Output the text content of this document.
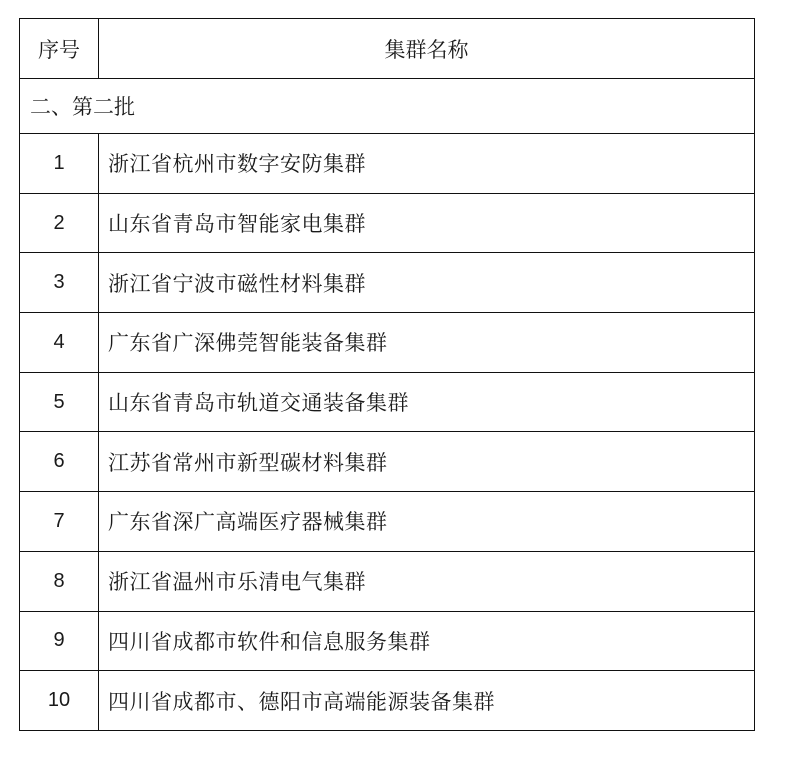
序号	集群名称
二、第二批	
1	浙江省杭州市数字安防集群
2	山东省青岛市智能家电集群
3	浙江省宁波市磁性材料集群
4	广东省广深佛莞智能装备集群
5	山东省青岛市轨道交通装备集群
6	江苏省常州市新型碳材料集群
7	广东省深广高端医疗器械集群
8	浙江省温州市乐清电气集群
9	四川省成都市软件和信息服务集群
10	四川省成都市、德阳市高端能源装备集群
